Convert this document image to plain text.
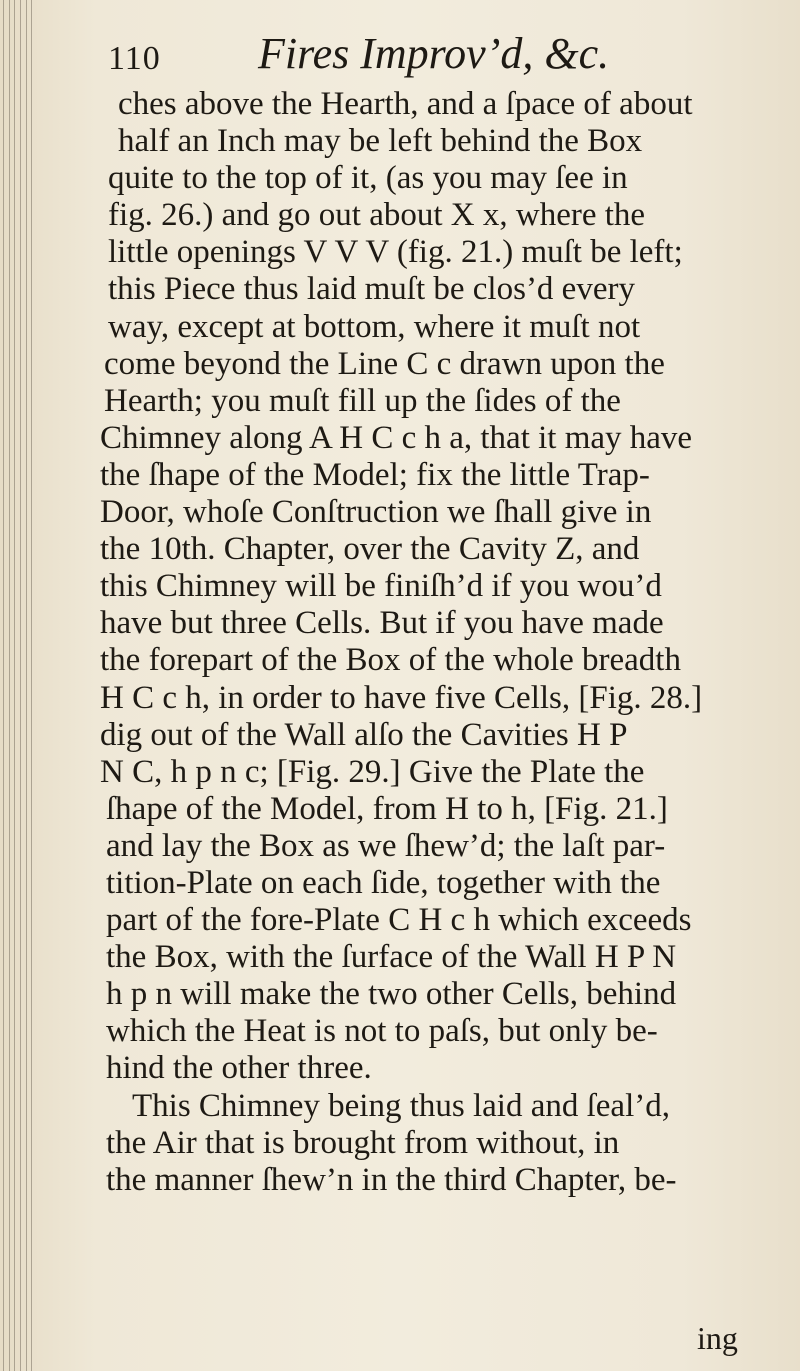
110 Fires Improv’d, &c.
ches above the Hearth, and a ſpace of about
half an Inch may be left behind the Box
quite to the top of it, (as you may ſee in
fig. 26.) and go out about X x, where the
little openings V V V (fig. 21.) muſt be left;
this Piece thus laid muſt be clos’d every
way, except at bottom, where it muſt not
come beyond the Line C c drawn upon the
Hearth; you muſt fill up the ſides of the
Chimney along A H C c h a, that it may have
the ſhape of the Model; fix the little Trap-
Door, whoſe Conſtruction we ſhall give in
the 10th. Chapter, over the Cavity Z, and
this Chimney will be finiſh’d if you wou’d
have but three Cells. But if you have made
the forepart of the Box of the whole breadth
H C c h, in order to have five Cells, [Fig. 28.]
dig out of the Wall alſo the Cavities H P
N C, h p n c; [Fig. 29.] Give the Plate the
ſhape of the Model, from H to h, [Fig. 21.]
and lay the Box as we ſhew’d; the laſt par-
tition-Plate on each ſide, together with the
part of the fore-Plate C H c h which exceeds
the Box, with the ſurface of the Wall H P N
h p n will make the two other Cells, behind
which the Heat is not to paſs, but only be-
hind the other three.
This Chimney being thus laid and ſeal’d,
the Air that is brought from without, in
the manner ſhew’n in the third Chapter, be-
ing
